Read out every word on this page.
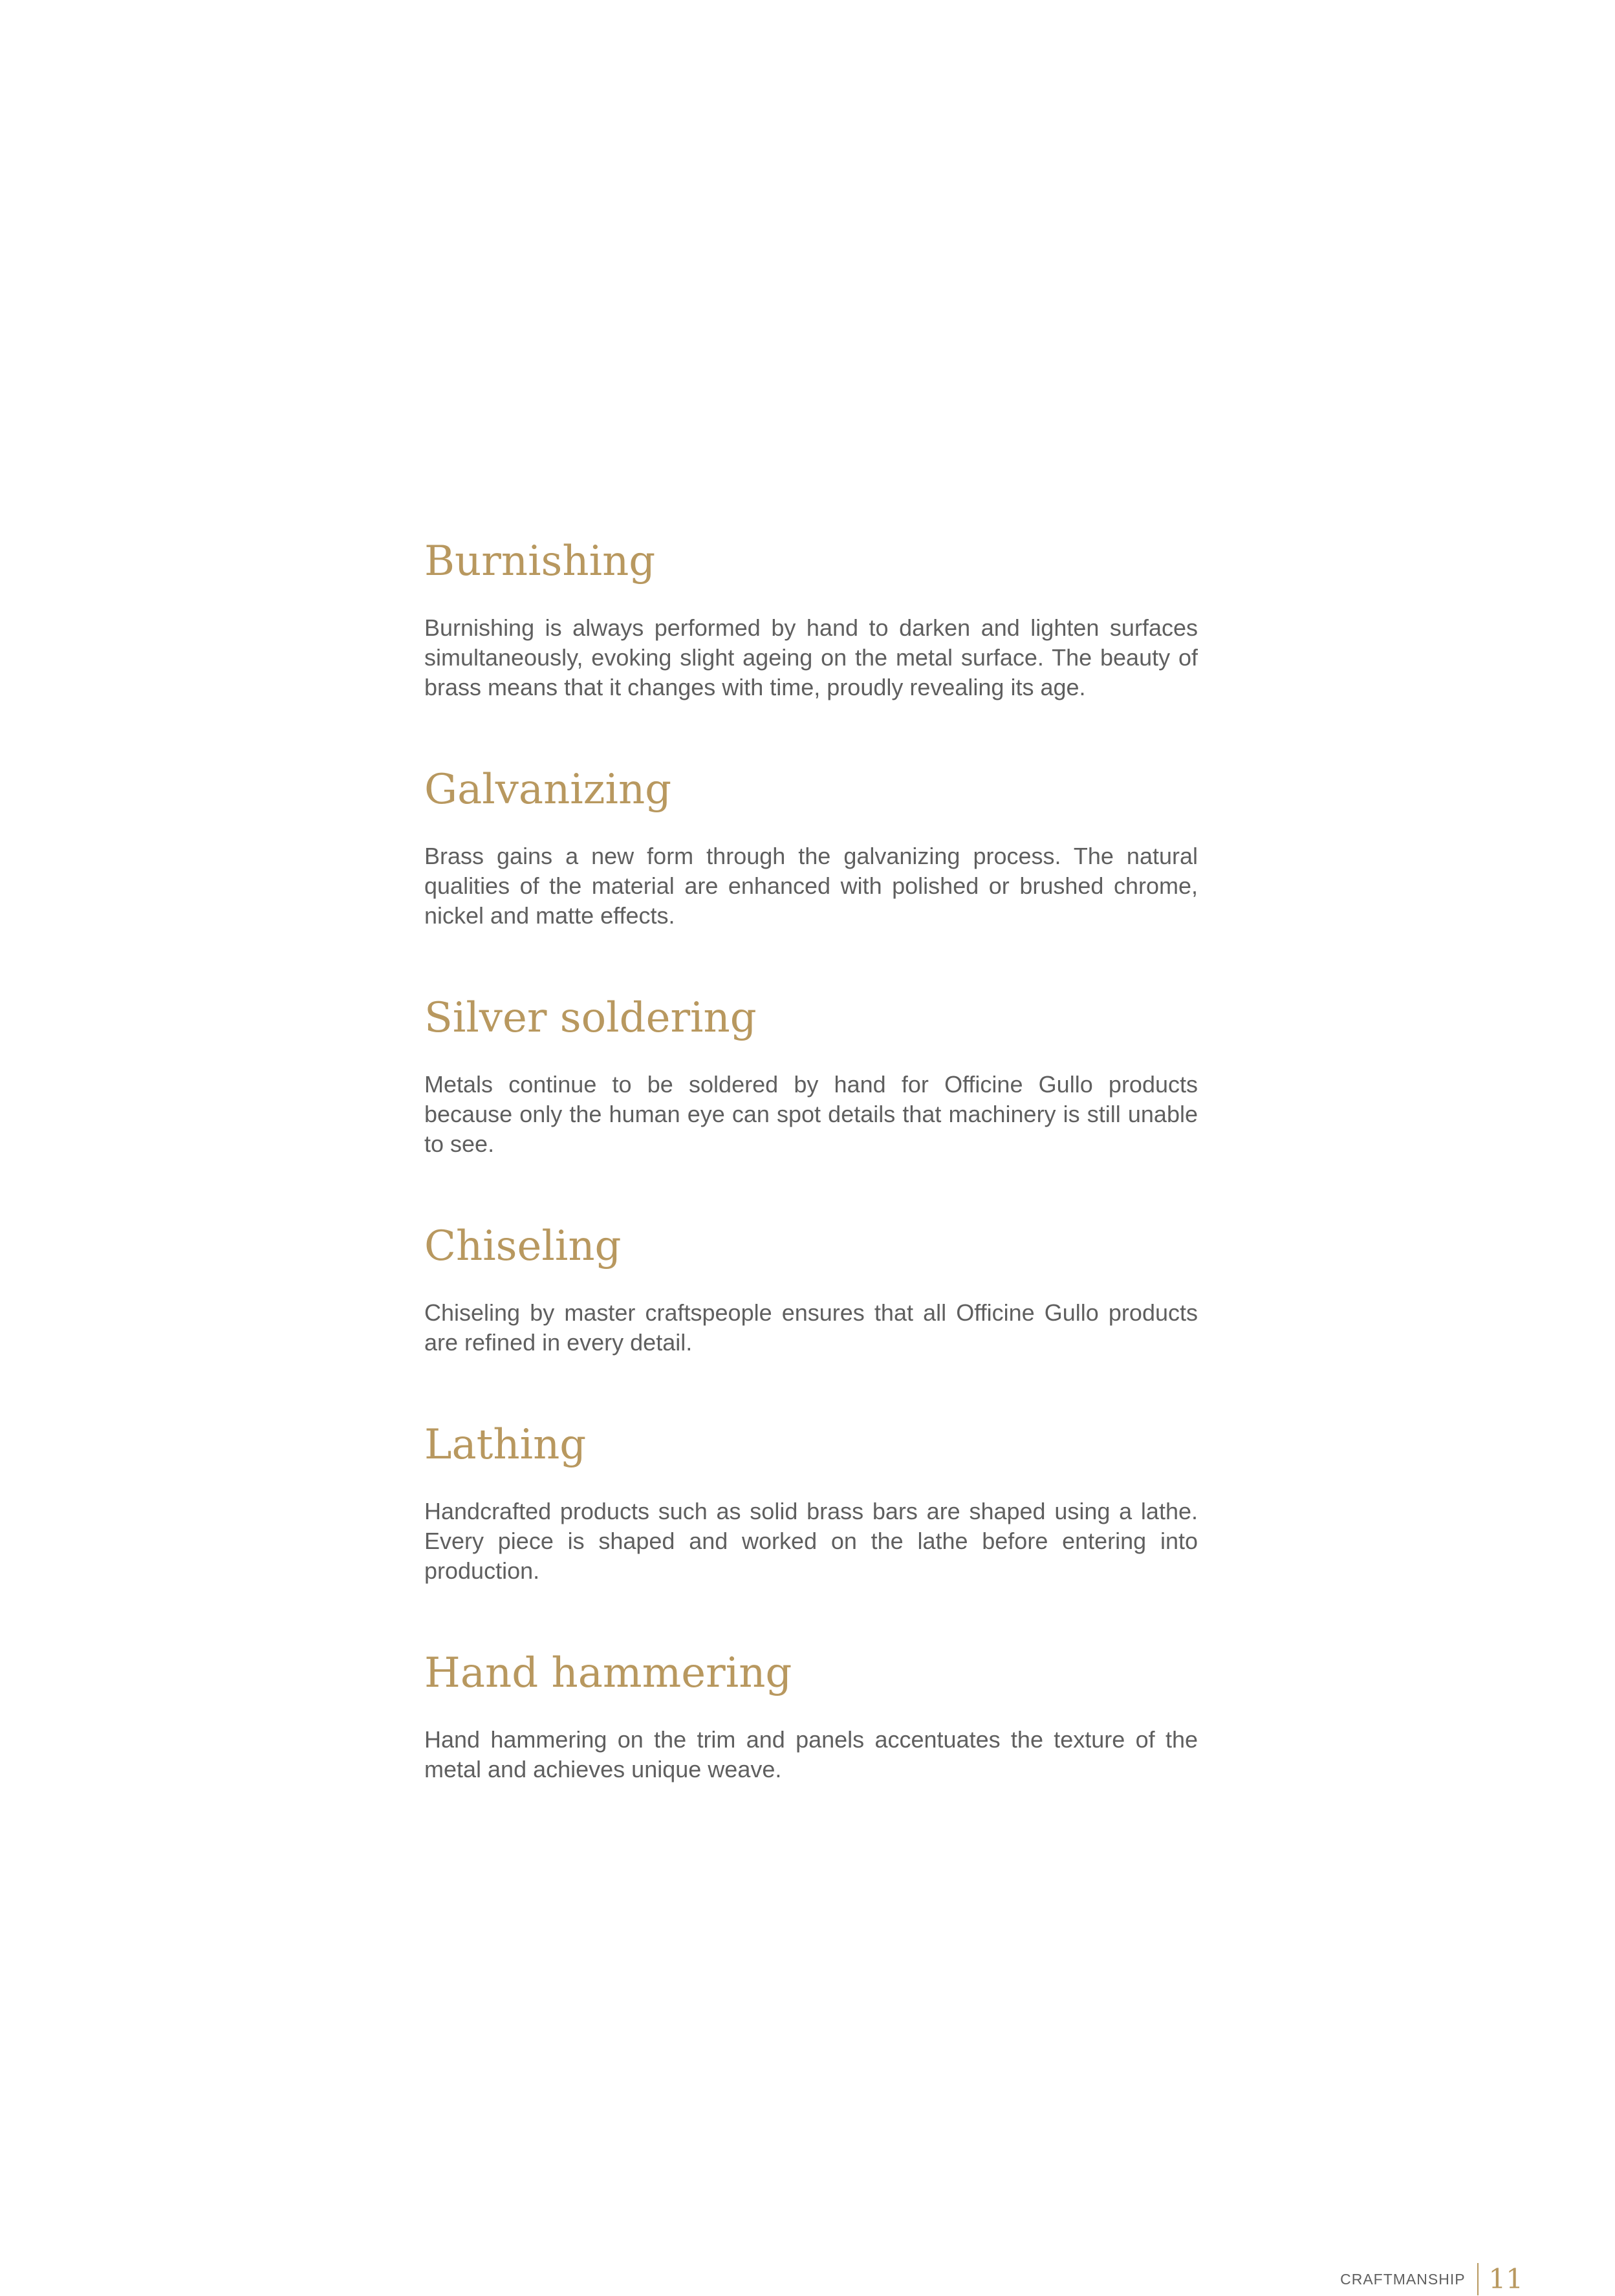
Burnishing

Burnishing is always performed by hand to darken and lighten surfaces simultaneously, evoking slight ageing on the metal surface. The beauty of brass means that it changes with time, proudly revealing its age.

Galvanizing

Brass gains a new form through the galvanizing process. The natural qualities of the material are enhanced with polished or brushed chrome, nickel and matte effects.

Silver soldering

Metals continue to be soldered by hand for Officine Gullo products because only the human eye can spot details that machinery is still unable to see.

Chiseling

Chiseling by master craftspeople ensures that all Officine Gullo products are refined in every detail.

Lathing

Handcrafted products such as solid brass bars are shaped using a lathe. Every piece is shaped and worked on the lathe before entering into production.

Hand hammering

Hand hammering on the trim and panels accentuates the texture of the metal and achieves unique weave.

CRAFTMANSHIP 11
